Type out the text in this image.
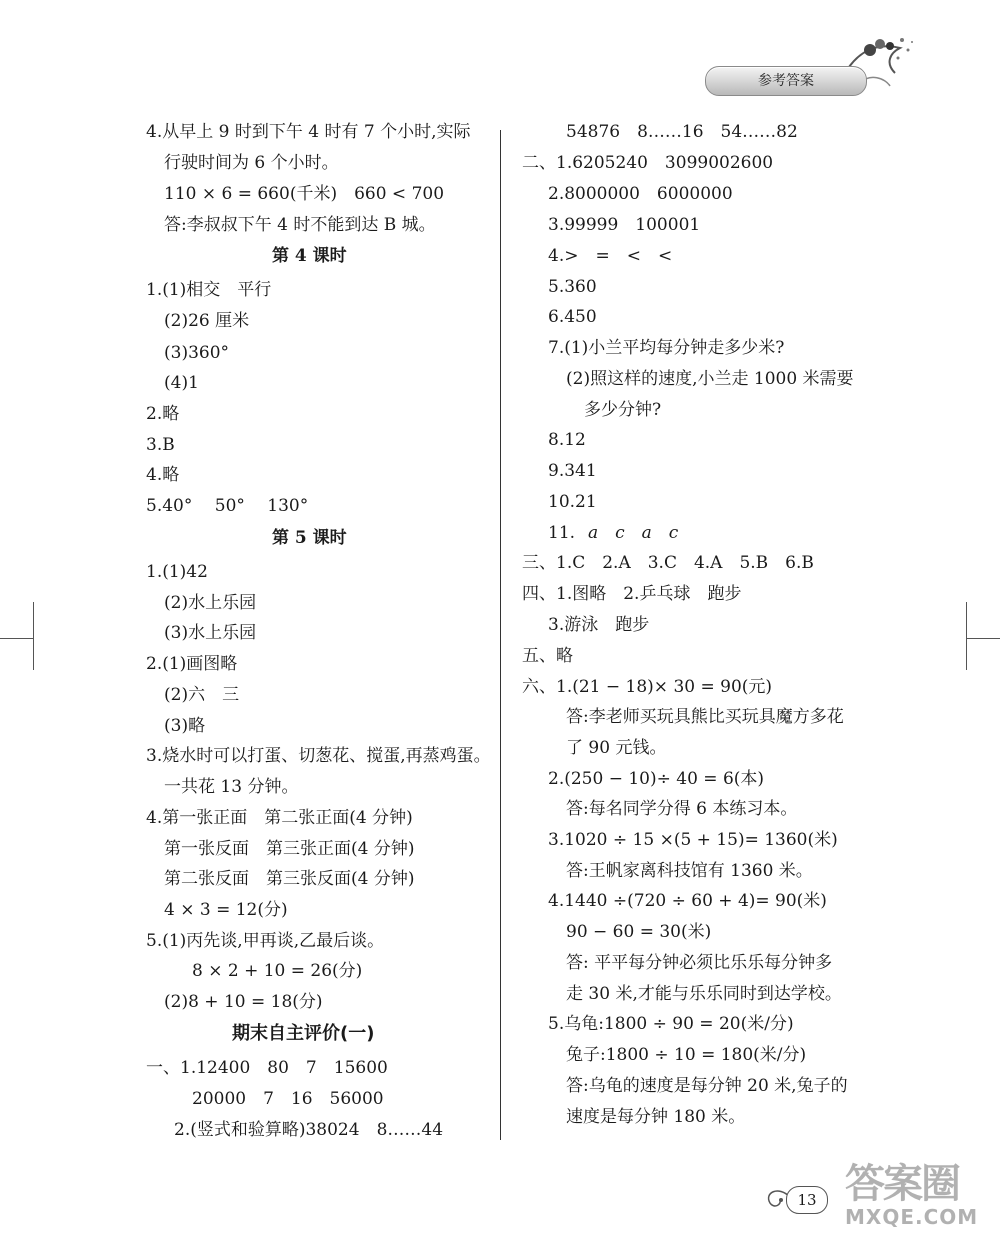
参考答案
4.从早上 9 时到下午 4 时有 7 个小时,实际
行驶时间为 6 个小时。
110 × 6 = 660(千米)　660 < 700
答:李叔叔下午 4 时不能到达 B 城。
第 4 课时
1.(1)相交　平行
(2)26 厘米
(3)360°
(4)1
2.略
3.B
4.略
5.40°　 50°　 130°
第 5 课时
1.(1)42
(2)水上乐园
(3)水上乐园
2.(1)画图略
(2)六　三
(3)略
3.烧水时可以打蛋、切葱花、搅蛋,再蒸鸡蛋。
一共花 13 分钟。
4.第一张正面　第二张正面(4 分钟)
第一张反面　第三张正面(4 分钟)
第二张反面　第三张反面(4 分钟)
4 × 3 = 12(分)
5.(1)丙先谈,甲再谈,乙最后谈。
8 × 2 + 10 = 26(分)
(2)8 + 10 = 18(分)
期末自主评价(一)
一、1.12400　80　7　15600
20000　7　16　56000
2.(竖式和验算略)38024　8……44
54876　8……16　54……82
二、1.6205240　3099002600
2.8000000　6000000
3.99999　100001
4.>　=　<　<
5.360
6.450
7.(1)小兰平均每分钟走多少米?
(2)照这样的速度,小兰走 1000 米需要
多少分钟?
8.12
9.341
10.21
11. a　c　a　c
三、1.C　2.A　3.C　4.A　5.B　6.B
四、1.图略　2.乒乓球　跑步
3.游泳　跑步
五、略
六、1.(21 − 18)× 30 = 90(元)
答:李老师买玩具熊比买玩具魔方多花
了 90 元钱。
2.(250 − 10)÷ 40 = 6(本)
答:每名同学分得 6 本练习本。
3.1020 ÷ 15 ×(5 + 15)= 1360(米)
答:王帆家离科技馆有 1360 米。
4.1440 ÷(720 ÷ 60 + 4)= 90(米)
90 − 60 = 30(米)
答: 平平每分钟必须比乐乐每分钟多
走 30 米,才能与乐乐同时到达学校。
5.乌龟:1800 ÷ 90 = 20(米/分)
兔子:1800 ÷ 10 = 180(米/分)
答:乌龟的速度是每分钟 20 米,兔子的
速度是每分钟 180 米。
13 答案圈
MXQE.COM
